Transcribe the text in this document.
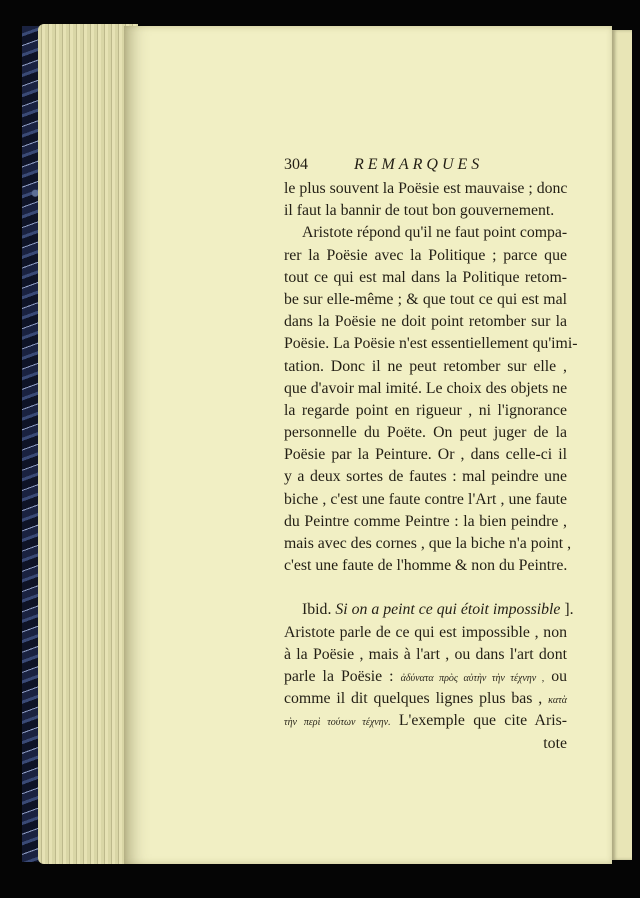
304	REMARQUES
le plus souvent la Poësie est mauvaise ; donc
il faut la bannir de tout bon gouvernement.
Aristote répond qu'il ne faut point compa-
rer la Poësie avec la Politique ; parce que
tout ce qui est mal dans la Politique retom-
be sur elle-même ; & que tout ce qui est mal
dans la Poësie ne doit point retomber sur la
Poësie. La Poësie n'est essentiellement qu'imi-
tation. Donc il ne peut retomber sur elle ,
que d'avoir mal imité. Le choix des objets ne
la regarde point en rigueur , ni l'ignorance
personnelle du Poëte. On peut juger de la
Poësie par la Peinture. Or , dans celle-ci il
y a deux sortes de fautes : mal peindre une
biche , c'est une faute contre l'Art , une faute
du Peintre comme Peintre : la bien peindre ,
mais avec des cornes , que la biche n'a point ,
c'est une faute de l'homme & non du Peintre.
Ibid. Si on a peint ce qui étoit impossible ].
Aristote parle de ce qui est impossible , non
à la Poësie , mais à l'art , ou dans l'art dont
parle la Poësie : ἀδύνατα πρὸς αὐτὴν τὴν τέχνην , ou
comme il dit quelques lignes plus bas , κατὰ
τὴν περὶ τούτων τέχνην. L'exemple que cite Aris-
tote
